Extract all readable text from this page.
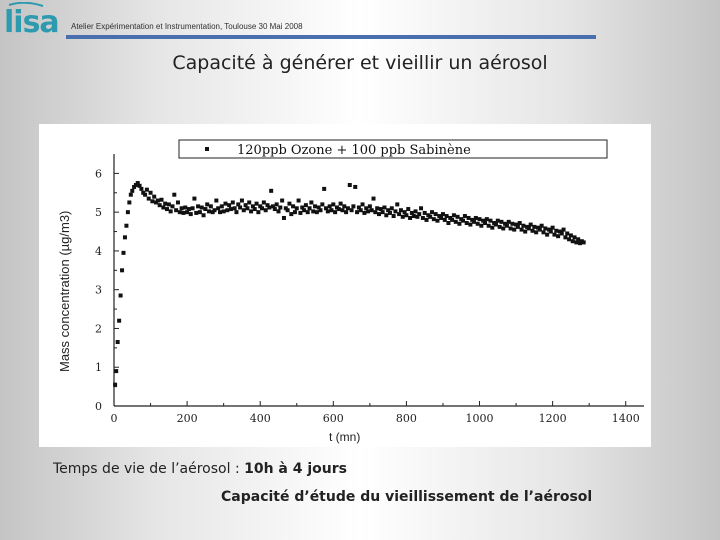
lisa Atelier Expérimentation et Instrumentation, Toulouse 30 Mai 2008
Capacité à générer et vieillir un aérosol
0	200	400	600	800	1000	1200	1400
0
1
2
3
4
5
6
120ppb Ozone + 100 ppb Sabinène
Mass concentration (µg/m3)
t (mn)
Temps de vie de l’aérosol : 10h à 4 jours
Capacité d’étude du vieillissement de l’aérosol
